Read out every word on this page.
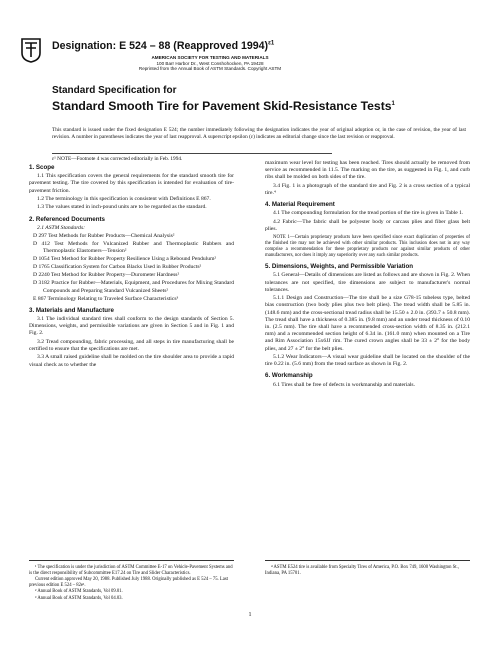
Designation: E 524 – 88 (Reapproved 1994)$^{\varepsilon 1}$
AMERICAN SOCIETY FOR TESTING AND MATERIALS
100 Barr Harbor Dr., West Conshohocken, PA 19428
Reprinted from the Annual Book of ASTM Standards. Copyright ASTM
Standard Specification for
Standard Smooth Tire for Pavement Skid-Resistance Tests$^1$
This standard is issued under the fixed designation E 524; the number immediately following the designation indicates the year of original adoption or, in the case of revision, the year of last revision. A number in parentheses indicates the year of last reapproval. A superscript epsilon (ε) indicates an editorial change since the last revision or reapproval.
ε¹ NOTE—Footnote 4 was corrected editorially in Feb. 1994.
1. Scope

1.1 This specification covers the general requirements for the standard smooth tire for pavement testing. The tire covered by this specification is intended for evaluation of tire-pavement friction.

1.2 The terminology in this specification is consistent with Definitions E 867.

1.3 The values stated in inch-pound units are to be regarded as the standard.

2. Referenced Documents

2.1 ASTM Standards:

D 297 Test Methods for Rubber Products—Chemical Analysis²

D 412 Test Methods for Vulcanized Rubber and Thermoplastic Rubbers and Thermoplastic Elastomers—Tension²

D 1054 Test Method for Rubber Property Resilience Using a Rebound Pendulum²

D 1765 Classification System for Carbon Blacks Used in Rubber Products²

D 2240 Test Method for Rubber Property—Durometer Hardness²

D 3182 Practice for Rubber—Materials, Equipment, and Procedures for Mixing Standard Compounds and Preparing Standard Vulcanized Sheets²

E 867 Terminology Relating to Traveled Surface Characteristics³

3. Materials and Manufacture

3.1 The individual standard tires shall conform to the design standards of Section 5. Dimensions, weights, and permissible variations are given in Section 5 and in Fig. 1 and Fig. 2.

3.2 Tread compounding, fabric processing, and all steps in tire manufacturing shall be certified to ensure that the specifications are met.

3.3 A small raised guideline shall be molded on the tire shoulder area to provide a rapid visual check as to whether the

maximum wear level for testing has been reached. Tires should actually be removed from service as recommended in 11.5. The marking on the tire, as suggested in Fig. 1, and curb ribs shall be molded on both sides of the tire.

3.4 Fig. 1 is a photograph of the standard tire and Fig. 2 is a cross section of a typical tire.⁴

4. Material Requirement

4.1 The compounding formulation for the tread portion of the tire is given in Table 1.

4.2 Fabric—The fabric shall be polyester body or carcass plies and fiber glass belt plies.

NOTE 1—Certain proprietary products have been specified since exact duplication of properties of the finished tire may not be achieved with other similar products. This inclusion does not in any way comprise a recommendation for these proprietary products nor against similar products of other manufacturers, nor does it imply any superiority over any such similar products.

5. Dimensions, Weights, and Permissible Variation

5.1 General—Details of dimensions are listed as follows and are shown in Fig. 2. When tolerances are not specified, tire dimensions are subject to manufacturer's normal tolerances.

5.1.1 Design and Construction—The tire shall be a size G78-15 tubeless type, belted bias construction (two body plies plus two belt plies). The tread width shall be 5.85 in. (148.6 mm) and the cross-sectional tread radius shall be 15.50 ± 2.0 in. (393.7 ± 50.8 mm). The tread shall have a thickness of 0.385 in. (9.8 mm) and an under tread thickness of 0.10 in. (2.5 mm). The tire shall have a recommended cross-section width of 8.35 in. (212.1 mm) and a recommended section height of 6.34 in. (161.0 mm) when mounted on a Tire and Rim Association 15x6JJ rim. The cured crown angles shall be 33 ± 2° for the body plies, and 27 ± 2° for the belt plies.

5.1.2 Wear Indicators—A visual wear guideline shall be located on the shoulder of the tire 0.22 in. (5.6 mm) from the tread surface as shown in Fig. 2.

6. Workmanship

6.1 Tires shall be free of defects in workmanship and materials.

¹ The specification is under the jurisdiction of ASTM Committee E-17 on Vehicle-Pavement Systems and is the direct responsibility of Subcommittee E17.24 on Tire and Slider Characteristics.

Current edition approved May 20, 1988. Published July 1988. Originally published as E 524 – 75. Last previous edition E 524 – 82e¹.

² Annual Book of ASTM Standards, Vol 09.01.

³ Annual Book of ASTM Standards, Vol 04.03.

⁴ ASTM E524 tire is available from Specialty Tires of America, P.O. Box 749, 1600 Washington St., Indiana, PA 15701.

1
